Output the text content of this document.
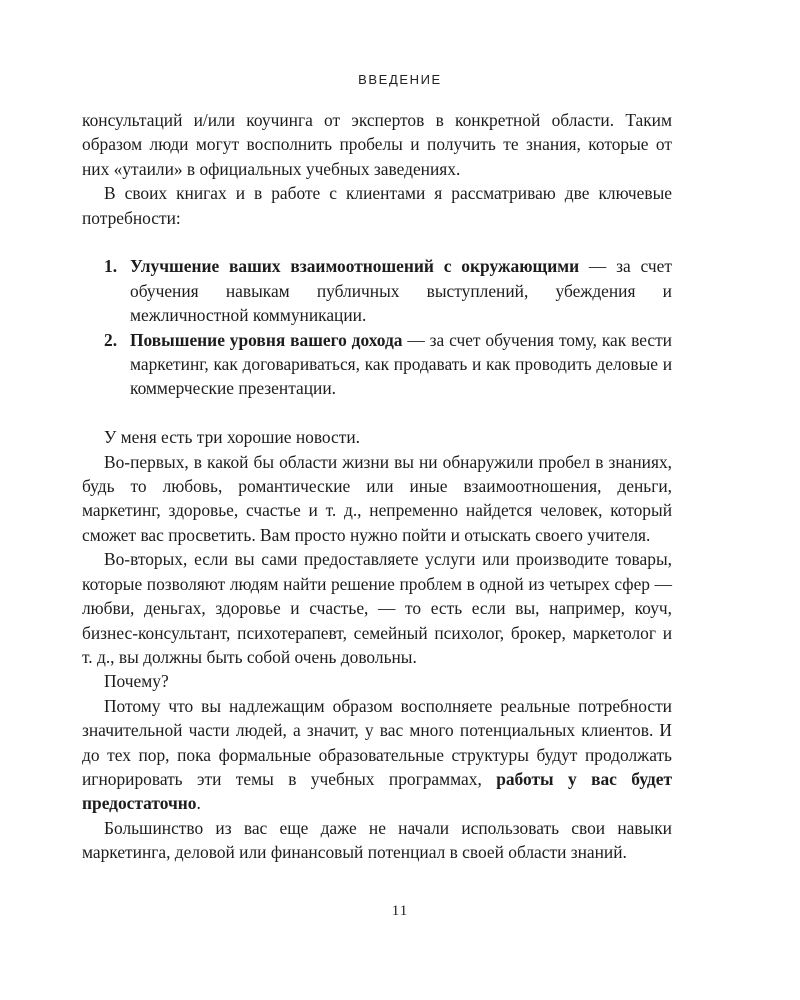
ВВЕДЕНИЕ

консультаций и/или коучинга от экспертов в конкретной области. Таким образом люди могут восполнить пробелы и получить те знания, которые от них «утаили» в официальных учебных заведениях.

В своих книгах и в работе с клиентами я рассматриваю две ключевые потребности:

1. Улучшение ваших взаимоотношений с окружающими — за счет обучения навыкам публичных выступлений, убеждения и межличностной коммуникации.
2. Повышение уровня вашего дохода — за счет обучения тому, как вести маркетинг, как договариваться, как продавать и как проводить деловые и коммерческие презентации.

У меня есть три хорошие новости.

Во-первых, в какой бы области жизни вы ни обнаружили пробел в знаниях, будь то любовь, романтические или иные взаимоотношения, деньги, маркетинг, здоровье, счастье и т. д., непременно найдется человек, который сможет вас просветить. Вам просто нужно пойти и отыскать своего учителя.

Во-вторых, если вы сами предоставляете услуги или производите товары, которые позволяют людям найти решение проблем в одной из четырех сфер — любви, деньгах, здоровье и счастье, — то есть если вы, например, коуч, бизнес-консультант, психотерапевт, семейный психолог, брокер, маркетолог и т. д., вы должны быть собой очень довольны.

Почему?

Потому что вы надлежащим образом восполняете реальные потребности значительной части людей, а значит, у вас много потенциальных клиентов. И до тех пор, пока формальные образовательные структуры будут продолжать игнорировать эти темы в учебных программах, работы у вас будет предостаточно.

Большинство из вас еще даже не начали использовать свои навыки маркетинга, деловой или финансовый потенциал в своей области знаний.

11
